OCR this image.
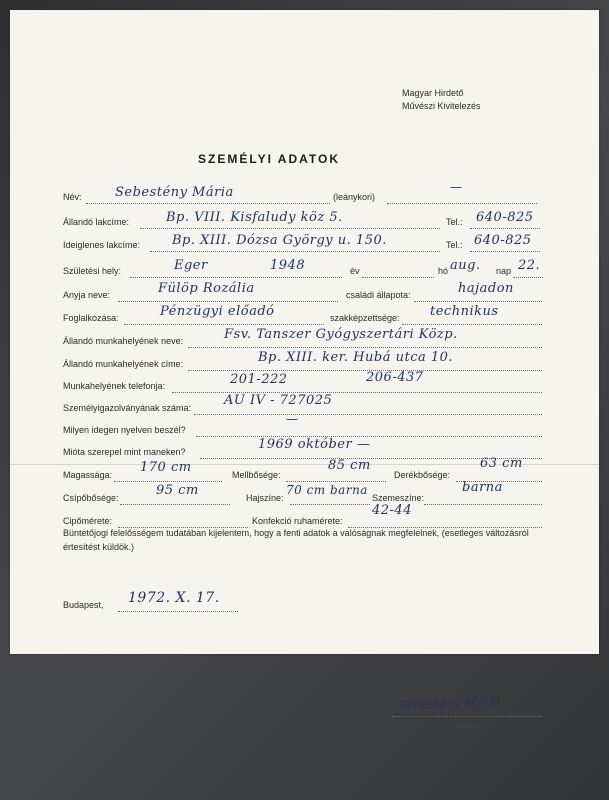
Magyar Hirdető
Művészi Kivitelezés
SZEMÉLYI ADATOK
Név:	Sebestény Mária	(leánykori)
—
Állandó lakcíme:	Bp. VIII. Kisfaludy köz 5.	Tel.: 640-825
Ideiglenes lakcíme: Bp. XIII. Dózsa György u. 150.	Tel.: 640-825
Születési hely:	Eger	1948	év	hó aug. nap 22.
Anyja neve:	Fülöp Rozália	családi állapota:	hajadon
Foglalkozása:	Pénzügyi előadó	szakképzettsége: technikus
Állandó munkahelyének neve:	Fsv. Tanszer Gyógyszertári Közp.
Állandó munkahelyének címe:	Bp. XIII. ker. Hubá utca 10.
Munkahelyének telefonja:	201-222	206-437
Személyigazolványának száma:	AU IV - 727025
Milyen idegen nyelven beszél?
—
Mióta szerepel mint maneken?	1969 október —
Magassága: 170 cm	Mellbősége:
85 cm
Derékbősége:
63 cm
Csípőbősége:	95 cm	Hajszíne:
70 cm barna
Szemeszíne:
barna
Cipőmérete:	Konfekció ruhamérete:
42-44
Büntetőjogi felelősségem tudatában kijelentem, hogy a fenti adatok a valóságnak megfelelnek, (esetleges változásról értesítést küldök.)
Budapest, 1972. X. 17.
Sebestény Mária
aláírás
